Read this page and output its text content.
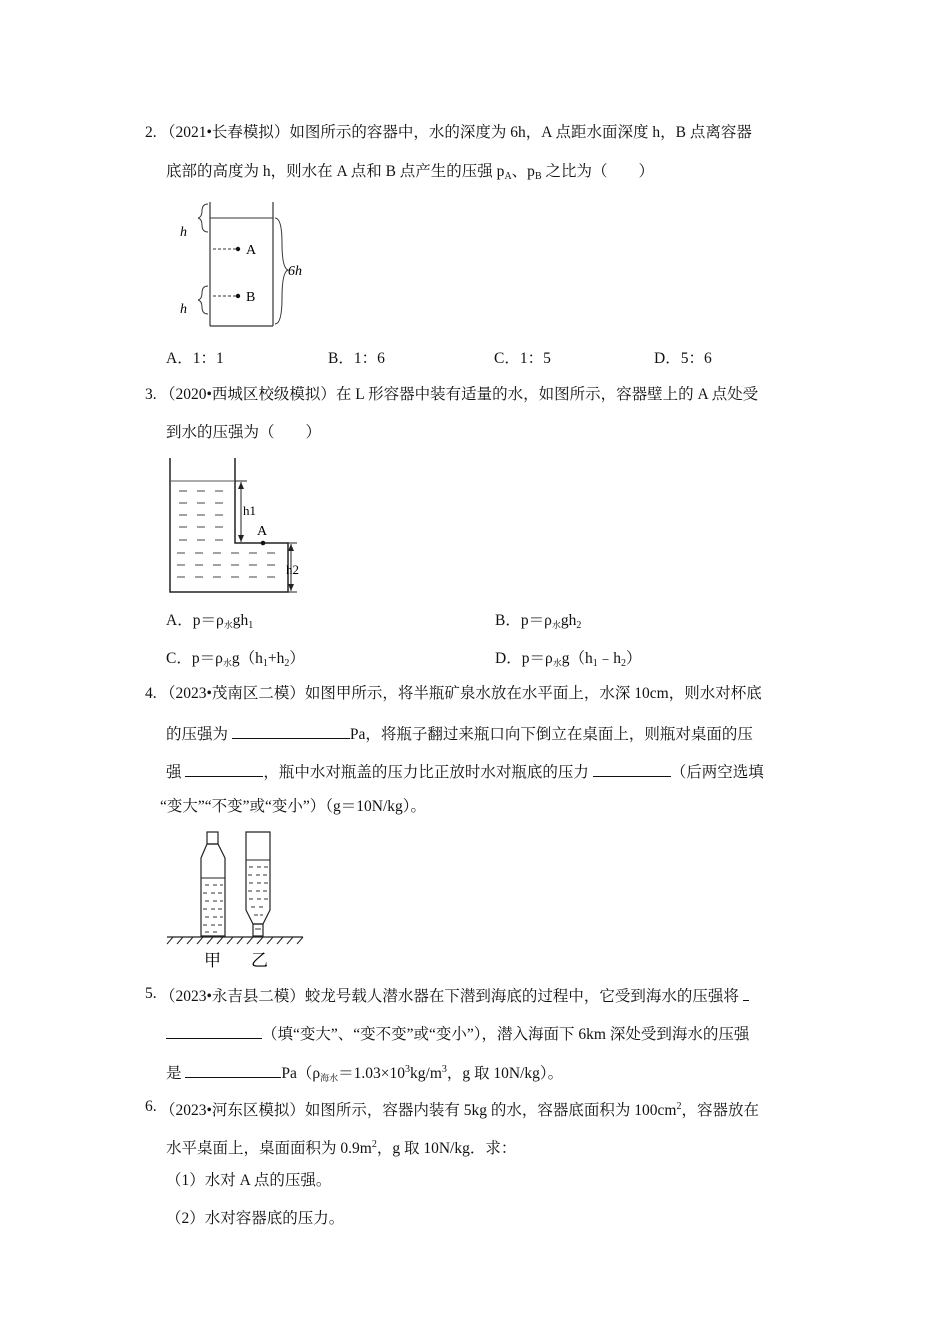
2. （2021•长春模拟）如图所示的容器中，水的深度为 6h，A 点距水面深度 h，B 点离容器
底部的高度为 h，则水在 A 点和 B 点产生的压强 $p_A$、$p_B$ 之比为（　　）
h
h
A
B
6h
A．1：1	B．1：6	C．1：5	D．5：6
3. （2020•西城区校级模拟）在 L 形容器中装有适量的水，如图所示，容器壁上的 A 点处受
到水的压强为（　　）
A
h1
h2
A．p＝ρ水$gh_1$	B．p＝ρ水$gh_2$
C．p＝ρ水$g(h_1+h_2)$	D．p＝ρ水$g(h_1﹣h_2)$
4. （2023•茂南区二模）如图甲所示，将半瓶矿泉水放在水平面上，水深 10cm，则水对杯底
的压强为	Pa，将瓶子翻过来瓶口向下倒立在桌面上，则瓶对桌面的压
强	，瓶中水对瓶盖的压力比正放时水对瓶底的压力	（后两空选填
“变大”“不变”或“变小”）（g＝10N/kg）。
甲 乙
5. （2023•永吉县二模）蛟龙号载人潜水器在下潜到海底的过程中，它受到海水的压强将
（填“变大”、“变不变”或“变小”），潜入海面下 6km 深处受到海水的压强
是	Pa（ρ海水$=1.03\times 10^3kg/m^3$，g 取 10N/kg）。
6. （2023•河东区模拟）如图所示，容器内装有 5kg 的水，容器底面积为 $100cm^2$，容器放在
水平桌面上，桌面面积为 $0.9m^2$，g 取 10N/kg．求：
（1）水对 A 点的压强。
（2）水对容器底的压力。
